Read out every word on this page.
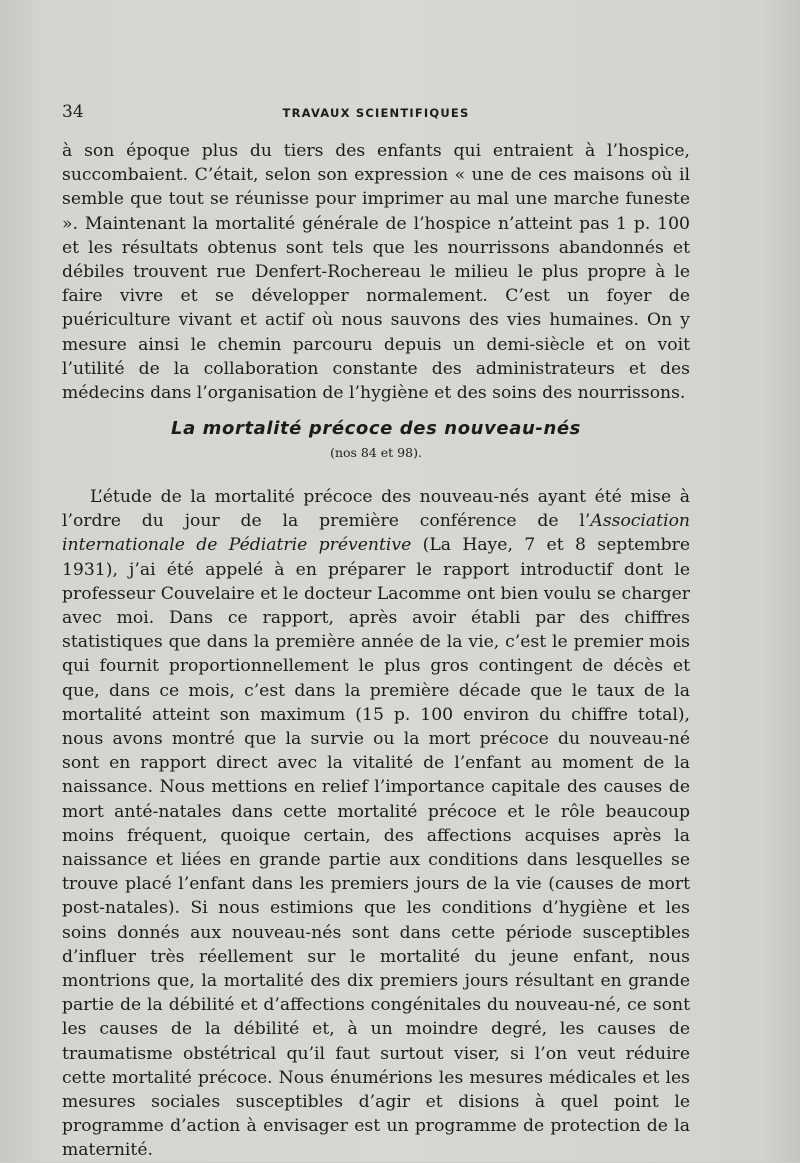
34	TRAVAUX SCIENTIFIQUES

à son époque plus du tiers des enfants qui entraient à l’hospice, succombaient. C’était, selon son expression « une de ces maisons où il semble que tout se réunisse pour imprimer au mal une marche funeste ». Maintenant la mortalité générale de l’hospice n’atteint pas 1 p. 100 et les résultats obtenus sont tels que les nourrissons abandonnés et débiles trouvent rue Denfert-Rochereau le milieu le plus propre à le faire vivre et se développer normalement. C’est un foyer de puériculture vivant et actif où nous sauvons des vies humaines. On y mesure ainsi le chemin parcouru depuis un demi-siècle et on voit l’utilité de la collaboration constante des administrateurs et des médecins dans l’organisation de l’hygiène et des soins des nourrissons.

La mortalité précoce des nouveau-nés
(nos 84 et 98).

L’étude de la mortalité précoce des nouveau-nés ayant été mise à l’ordre du jour de la première conférence de l’Association internationale de Pédiatrie préventive (La Haye, 7 et 8 septembre 1931), j’ai été appelé à en préparer le rapport introductif dont le professeur Couvelaire et le docteur Lacomme ont bien voulu se charger avec moi. Dans ce rapport, après avoir établi par des chiffres statistiques que dans la première année de la vie, c’est le premier mois qui fournit proportionnellement le plus gros contingent de décès et que, dans ce mois, c’est dans la première décade que le taux de la mortalité atteint son maximum (15 p. 100 environ du chiffre total), nous avons montré que la survie ou la mort précoce du nouveau-né sont en rapport direct avec la vitalité de l’enfant au moment de la naissance. Nous mettions en relief l’importance capitale des causes de mort anté-natales dans cette mortalité précoce et le rôle beaucoup moins fréquent, quoique certain, des affections acquises après la naissance et liées en grande partie aux conditions dans lesquelles se trouve placé l’enfant dans les premiers jours de la vie (causes de mort post-natales). Si nous estimions que les conditions d’hygiène et les soins donnés aux nouveau-nés sont dans cette période susceptibles d’influer très réellement sur le mortalité du jeune enfant, nous montrions que, la mortalité des dix premiers jours résultant en grande partie de la débilité et d’affections congénitales du nouveau-né, ce sont les causes de la débilité et, à un moindre degré, les causes de traumatisme obstétrical qu’il faut surtout viser, si l’on veut réduire cette mortalité précoce. Nous énumérions les mesures médicales et les mesures sociales susceptibles d’agir et disions à quel point le programme d’action à envisager est un programme de protection de la maternité.
